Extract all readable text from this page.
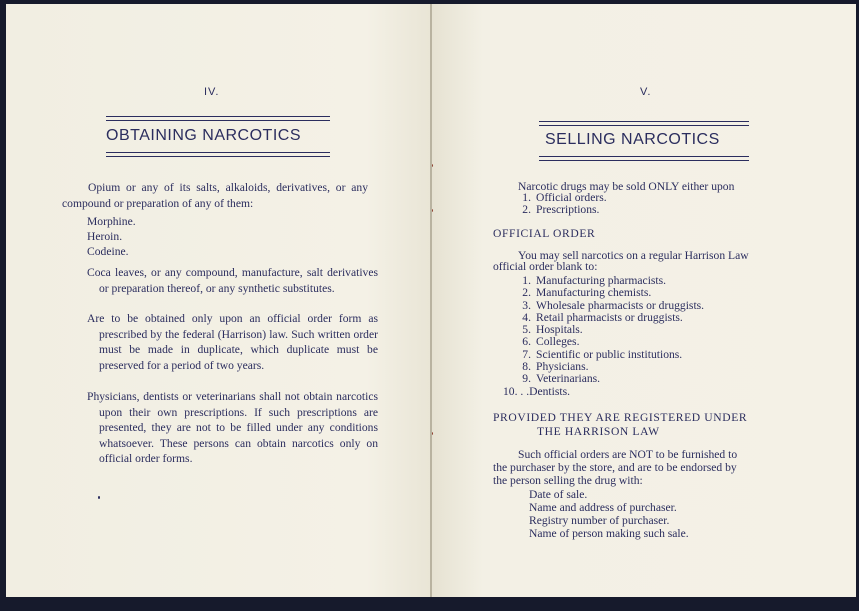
IV.
OBTAINING NARCOTICS
Opium or any of its salts, alkaloids, derivatives, or any compound or preparation of any of them:
Morphine.
Heroin.
Codeine.
Coca leaves, or any compound, manufacture, salt derivatives or preparation thereof, or any synthetic substitutes.
Are to be obtained only upon an official order form as prescribed by the federal (Harrison) law. Such written order must be made in duplicate, which duplicate must be preserved for a period of two years.
Physicians, dentists or veterinarians shall not obtain narcotics upon their own prescriptions. If such prescriptions are presented, they are not to be filled under any conditions whatsoever. These persons can obtain narcotics only on official order forms.
V.
SELLING NARCOTICS
Narcotic drugs may be sold ONLY either upon
1. Official orders.
2. Prescriptions.
OFFICIAL ORDER
You may sell narcotics on a regular Harrison Law
official order blank to:
1. Manufacturing pharmacists.
2. Manufacturing chemists.
3. Wholesale pharmacists or druggists.
4. Retail pharmacists or druggists.
5. Hospitals.
6. Colleges.
7. Scientific or public institutions.
8. Physicians.
9. Veterinarians.
10. . .Dentists.
PROVIDED THEY ARE REGISTERED UNDER
THE HARRISON LAW
Such official orders are NOT to be furnished to
the purchaser by the store, and are to be endorsed by
the person selling the drug with:
Date of sale.
Name and address of purchaser.
Registry number of purchaser.
Name of person making such sale.
